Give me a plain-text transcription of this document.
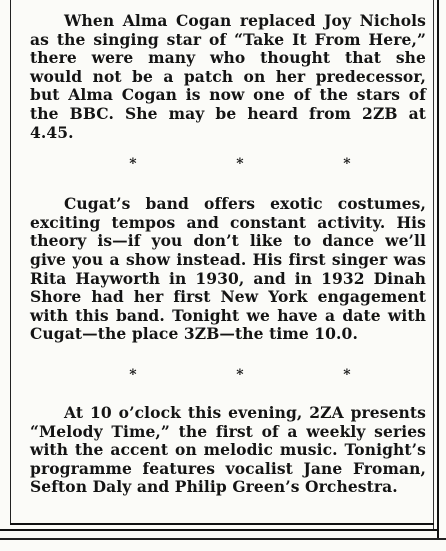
When Alma Cogan replaced Joy Nichols as the singing star of “Take It From Here,” there were many who thought that she would not be a patch on her predecessor, but Alma Cogan is now one of the stars of the BBC. She may be heard from 2ZB at 4.45.

*	*	*

Cugat’s band offers exotic costumes, exciting tempos and constant activity. His theory is—if you don’t like to dance we’ll give you a show instead. His first singer was Rita Hayworth in 1930, and in 1932 Dinah Shore had her first New York engagement with this band. Tonight we have a date with Cugat—the place 3ZB—the time 10.0.

*	*	*

At 10 o’clock this evening, 2ZA presents “Melody Time,” the first of a weekly series with the accent on melodic music. Tonight’s programme features vocalist Jane Froman, Sefton Daly and Philip Green’s Orchestra.
